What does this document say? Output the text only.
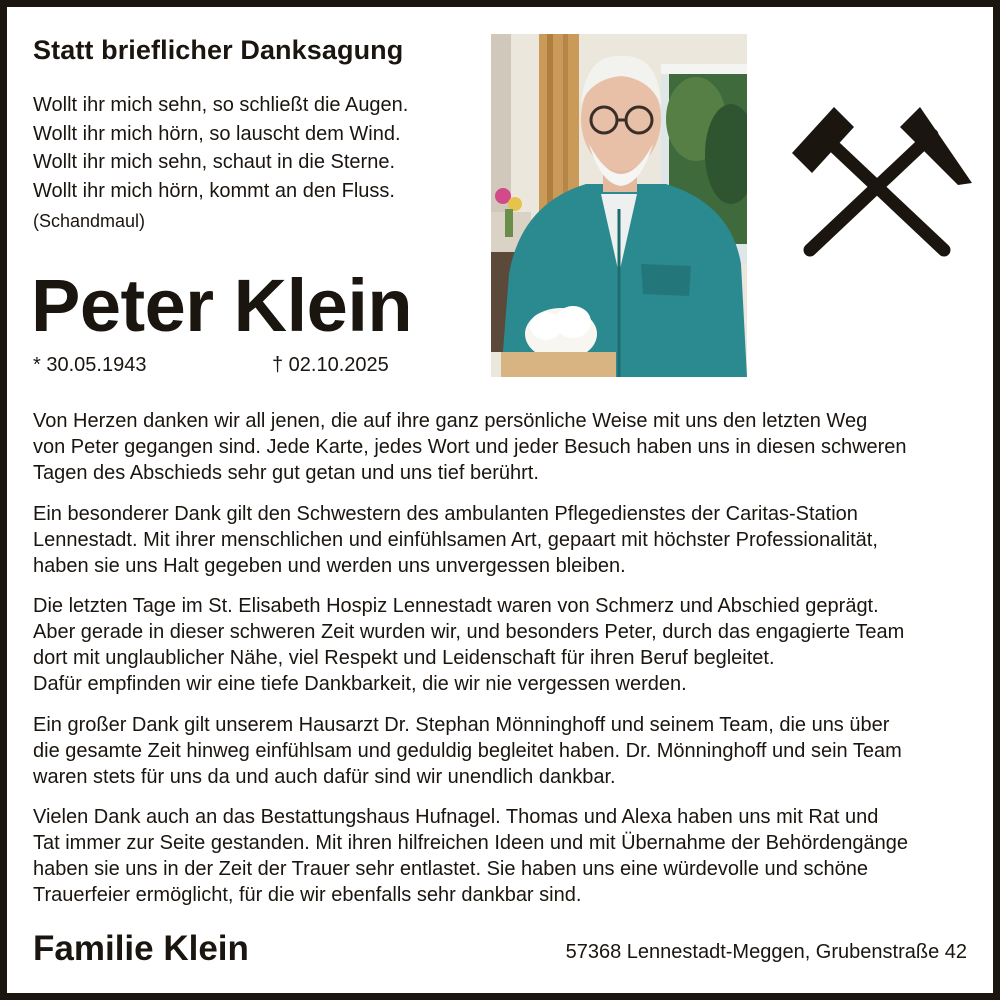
Statt brieflicher Danksagung
Wollt ihr mich sehn, so schließt die Augen.
Wollt ihr mich hörn, so lauscht dem Wind.
Wollt ihr mich sehn, schaut in die Sterne.
Wollt ihr mich hörn, kommt an den Fluss.
(Schandmaul)
Peter Klein
* 30.05.1943	† 02.10.2025

Von Herzen danken wir all jenen, die auf ihre ganz persönliche Weise mit uns den letzten Weg
von Peter gegangen sind. Jede Karte, jedes Wort und jeder Besuch haben uns in diesen schweren
Tagen des Abschieds sehr gut getan und uns tief berührt.

Ein besonderer Dank gilt den Schwestern des ambulanten Pflegedienstes der Caritas-Station
Lennestadt. Mit ihrer menschlichen und einfühlsamen Art, gepaart mit höchster Professionalität,
haben sie uns Halt gegeben und werden uns unvergessen bleiben.

Die letzten Tage im St. Elisabeth Hospiz Lennestadt waren von Schmerz und Abschied geprägt.
Aber gerade in dieser schweren Zeit wurden wir, und besonders Peter, durch das engagierte Team
dort mit unglaublicher Nähe, viel Respekt und Leidenschaft für ihren Beruf begleitet.
Dafür empfinden wir eine tiefe Dankbarkeit, die wir nie vergessen werden.

Ein großer Dank gilt unserem Hausarzt Dr. Stephan Mönninghoff und seinem Team, die uns über
die gesamte Zeit hinweg einfühlsam und geduldig begleitet haben. Dr. Mönninghoff und sein Team
waren stets für uns da und auch dafür sind wir unendlich dankbar.

Vielen Dank auch an das Bestattungshaus Hufnagel. Thomas und Alexa haben uns mit Rat und
Tat immer zur Seite gestanden. Mit ihren hilfreichen Ideen und mit Übernahme der Behördengänge
haben sie uns in der Zeit der Trauer sehr entlastet. Sie haben uns eine würdevolle und schöne
Trauerfeier ermöglicht, für die wir ebenfalls sehr dankbar sind.

Familie Klein	57368 Lennestadt-Meggen, Grubenstraße 42
